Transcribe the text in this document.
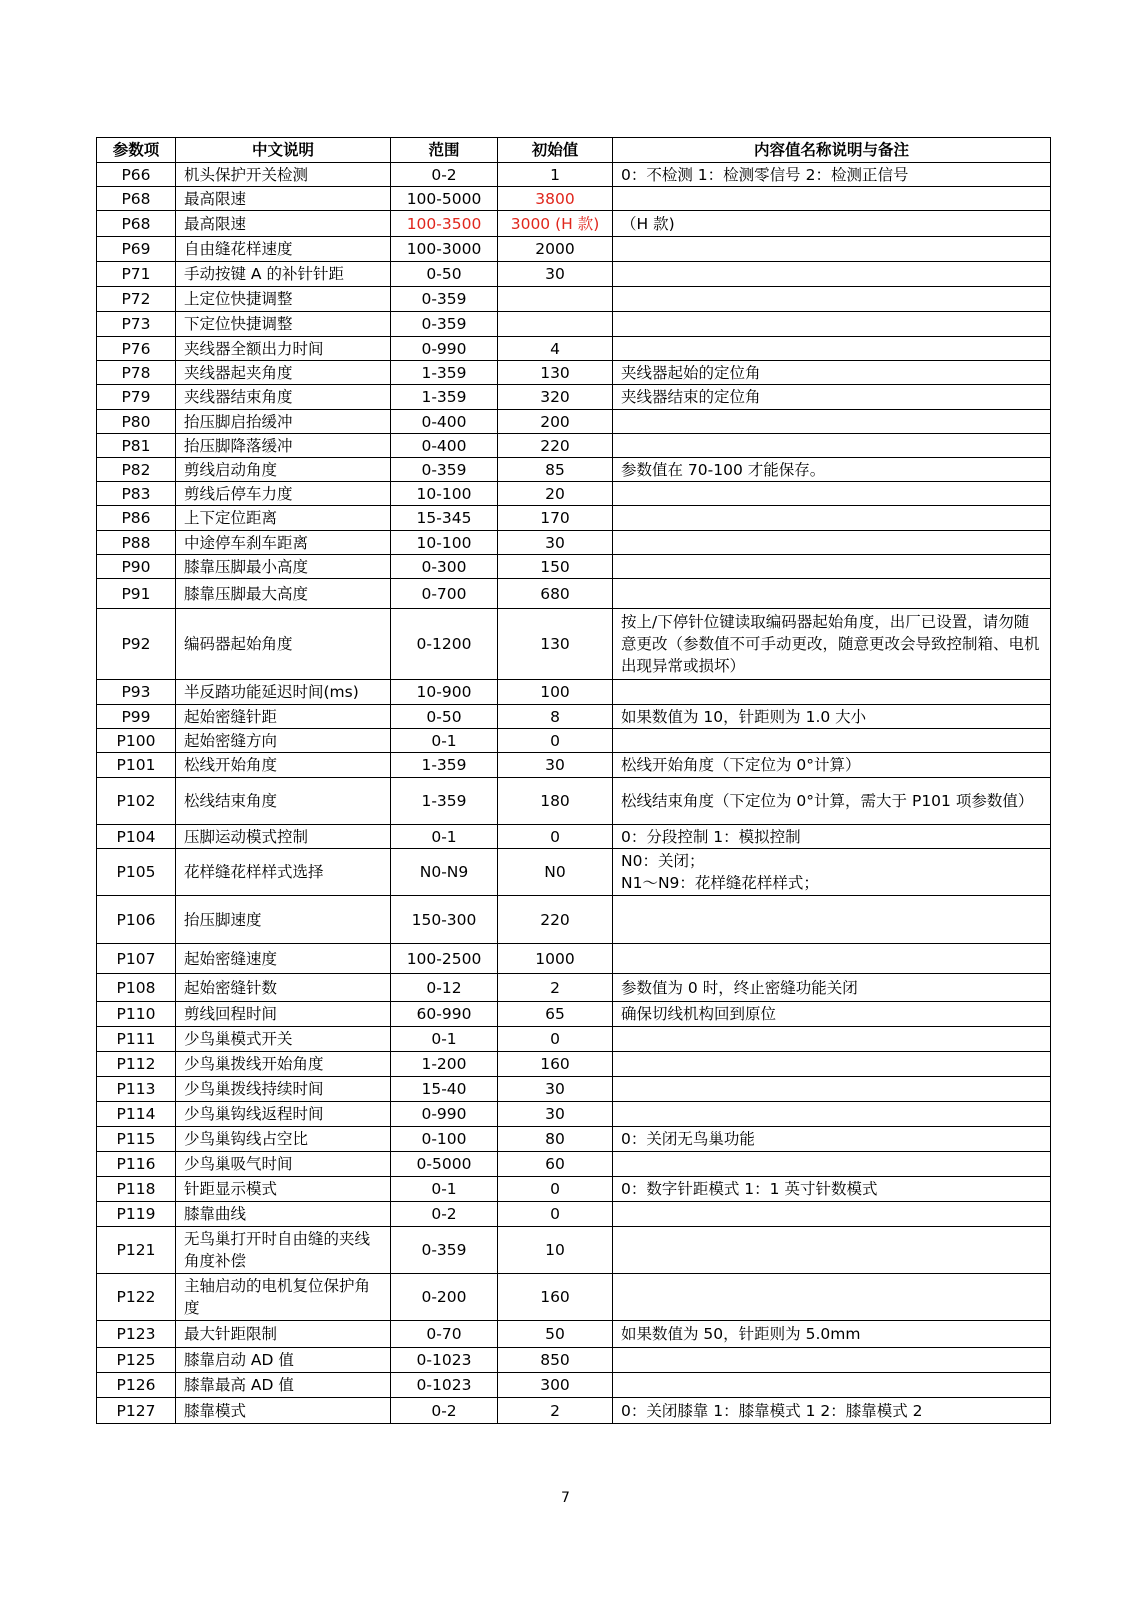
参数项	中文说明	范围	初始值	内容值名称说明与备注
P66	机头保护开关检测	0-2	1	0：不检测 1：检测零信号 2：检测正信号
P68	最高限速	100-5000	3800	
P68	最高限速	100-3500	3000 (H 款)	（H 款)
P69	自由缝花样速度	100-3000	2000	
P71	手动按键 A 的补针针距	0-50	30	
P72	上定位快捷调整	0-359		
P73	下定位快捷调整	0-359		
P76	夹线器全额出力时间	0-990	4	
P78	夹线器起夹角度	1-359	130	夹线器起始的定位角
P79	夹线器结束角度	1-359	320	夹线器结束的定位角
P80	抬压脚启抬缓冲	0-400	200	
P81	抬压脚降落缓冲	0-400	220	
P82	剪线启动角度	0-359	85	参数值在 70-100 才能保存。
P83	剪线后停车力度	10-100	20	
P86	上下定位距离	15-345	170	
P88	中途停车刹车距离	10-100	30	
P90	膝靠压脚最小高度	0-300	150	
P91	膝靠压脚最大高度	0-700	680	
P92	编码器起始角度	0-1200	130	按上/下停针位键读取编码器起始角度，出厂已设置，请勿随意更改（参数值不可手动更改，随意更改会导致控制箱、电机出现异常或损坏）
P93	半反踏功能延迟时间(ms)	10-900	100	
P99	起始密缝针距	0-50	8	如果数值为 10，针距则为 1.0 大小
P100	起始密缝方向	0-1	0	
P101	松线开始角度	1-359	30	松线开始角度（下定位为 0°计算）
P102	松线结束角度	1-359	180	松线结束角度（下定位为 0°计算，需大于 P101 项参数值）
P104	压脚运动模式控制	0-1	0	0：分段控制 1：模拟控制
P105	花样缝花样样式选择	N0-N9	N0	N0：关闭；
N1～N9：花样缝花样样式；
P106	抬压脚速度	150-300	220	
P107	起始密缝速度	100-2500	1000	
P108	起始密缝针数	0-12	2	参数值为 0 时，终止密缝功能关闭
P110	剪线回程时间	60-990	65	确保切线机构回到原位
P111	少鸟巢模式开关	0-1	0	
P112	少鸟巢拨线开始角度	1-200	160	
P113	少鸟巢拨线持续时间	15-40	30	
P114	少鸟巢钩线返程时间	0-990	30	
P115	少鸟巢钩线占空比	0-100	80	0：关闭无鸟巢功能
P116	少鸟巢吸气时间	0-5000	60	
P118	针距显示模式	0-1	0	0：数字针距模式 1：1 英寸针数模式
P119	膝靠曲线	0-2	0	
P121	无鸟巢打开时自由缝的夹线角度补偿	0-359	10	
P122	主轴启动的电机复位保护角度	0-200	160	
P123	最大针距限制	0-70	50	如果数值为 50，针距则为 5.0mm
P125	膝靠启动 AD 值	0-1023	850	
P126	膝靠最高 AD 值	0-1023	300	
P127	膝靠模式	0-2	2	0：关闭膝靠 1：膝靠模式 1 2：膝靠模式 2
7
